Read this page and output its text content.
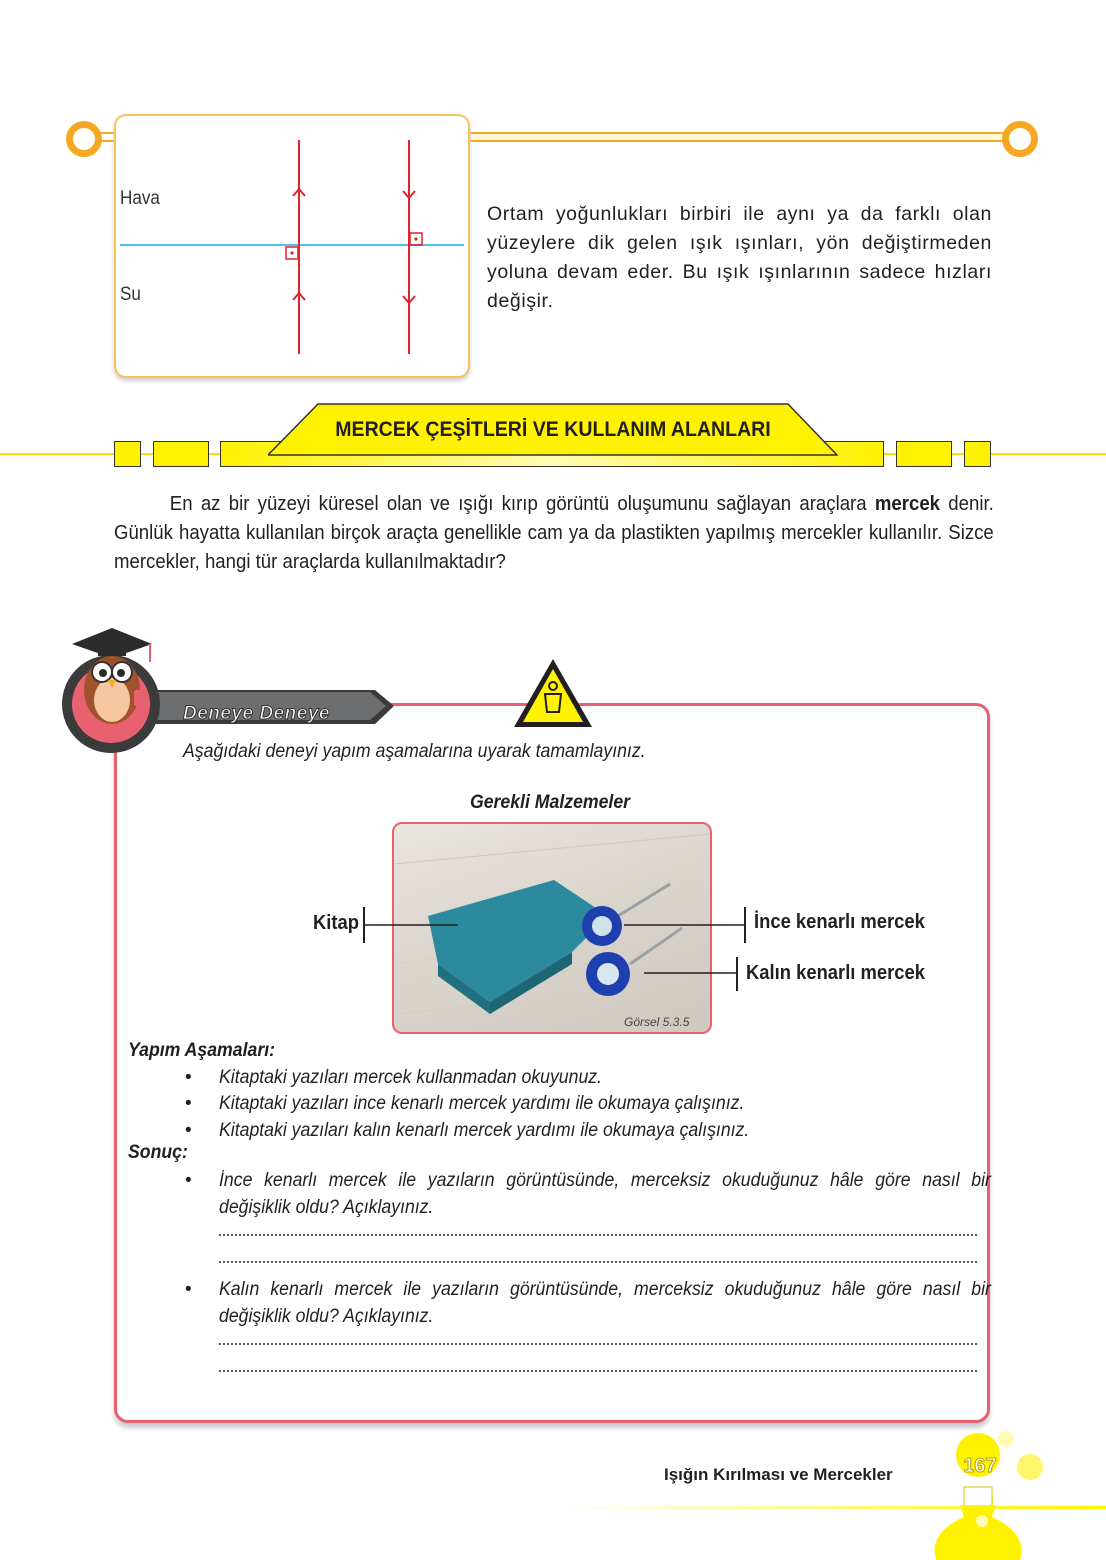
Hava
Su
Ortam yoğunlukları birbiri ile aynı ya da farklı olan yüzeylere dik gelen ışık ışınları, yön değiştirmeden yoluna devam eder. Bu ışık ışınlarının sadece hızları değişir.
MERCEK ÇEŞİTLERİ VE KULLANIM ALANLARI
En az bir yüzeyi küresel olan ve ışığı kırıp görüntü oluşumunu sağlayan araçlara mercek denir. Günlük hayatta kullanılan birçok araçta genellikle cam ya da plastikten yapılmış mercekler kullanılır. Sizce mercekler, hangi tür araçlarda kullanılmaktadır?
Deneye Deneye
Aşağıdaki deneyi yapım aşamalarına uyarak tamamlayınız.
Gerekli Malzemeler
Görsel 5.3.5
Kitap	İnce kenarlı mercek
Kalın kenarlı mercek
Yapım Aşamaları:
• Kitaptaki yazıları mercek kullanmadan okuyunuz.
• Kitaptaki yazıları ince kenarlı mercek yardımı ile okumaya çalışınız.
• Kitaptaki yazıları kalın kenarlı mercek yardımı ile okumaya çalışınız.
Sonuç:
• İnce kenarlı mercek ile yazıların görüntüsünde, merceksiz okuduğunuz hâle göre nasıl bir değişiklik oldu? Açıklayınız.
• Kalın kenarlı mercek ile yazıların görüntüsünde, merceksiz okuduğunuz hâle göre nasıl bir değişiklik oldu? Açıklayınız.
Işığın Kırılması ve Mercekler	167
